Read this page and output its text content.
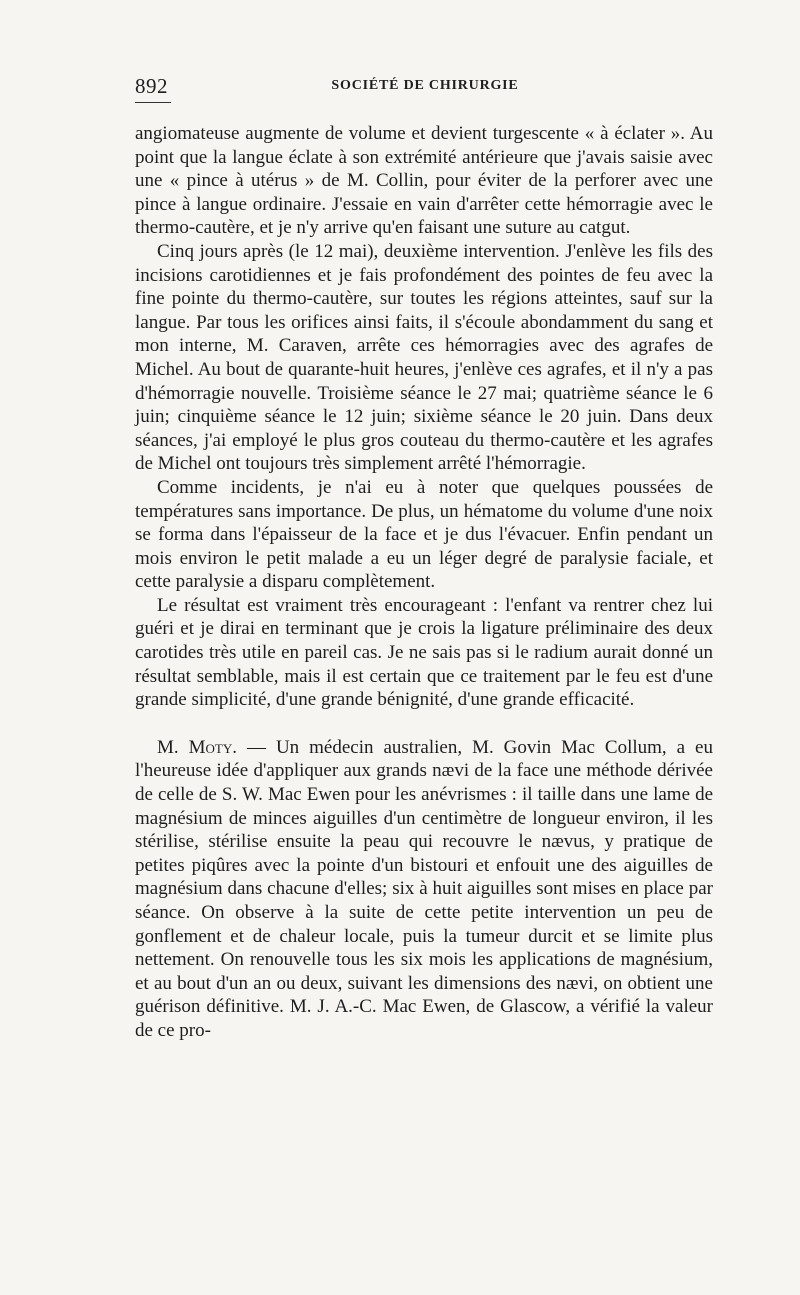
892	SOCIÉTÉ DE CHIRURGIE

angiomateuse augmente de volume et devient turgescente « à éclater ». Au point que la langue éclate à son extrémité antérieure que j'avais saisie avec une « pince à utérus » de M. Collin, pour éviter de la perforer avec une pince à langue ordinaire. J'essaie en vain d'arrêter cette hémorragie avec le thermo-cautère, et je n'y arrive qu'en faisant une suture au catgut.

Cinq jours après (le 12 mai), deuxième intervention. J'enlève les fils des incisions carotidiennes et je fais profondément des pointes de feu avec la fine pointe du thermo-cautère, sur toutes les régions atteintes, sauf sur la langue. Par tous les orifices ainsi faits, il s'écoule abondamment du sang et mon interne, M. Caraven, arrête ces hémorragies avec des agrafes de Michel. Au bout de quarante-huit heures, j'enlève ces agrafes, et il n'y a pas d'hémorragie nouvelle. Troisième séance le 27 mai; quatrième séance le 6 juin; cinquième séance le 12 juin; sixième séance le 20 juin. Dans deux séances, j'ai employé le plus gros couteau du thermo-cautère et les agrafes de Michel ont toujours très simplement arrêté l'hémorragie.

Comme incidents, je n'ai eu à noter que quelques poussées de températures sans importance. De plus, un hématome du volume d'une noix se forma dans l'épaisseur de la face et je dus l'évacuer. Enfin pendant un mois environ le petit malade a eu un léger degré de paralysie faciale, et cette paralysie a disparu complètement.

Le résultat est vraiment très encourageant : l'enfant va rentrer chez lui guéri et je dirai en terminant que je crois la ligature préliminaire des deux carotides très utile en pareil cas. Je ne sais pas si le radium aurait donné un résultat semblable, mais il est certain que ce traitement par le feu est d'une grande simplicité, d'une grande bénignité, d'une grande efficacité.

M. Moty. — Un médecin australien, M. Govin Mac Collum, a eu l'heureuse idée d'appliquer aux grands nævi de la face une méthode dérivée de celle de S. W. Mac Ewen pour les anévrismes : il taille dans une lame de magnésium de minces aiguilles d'un centimètre de longueur environ, il les stérilise, stérilise ensuite la peau qui recouvre le nævus, y pratique de petites piqûres avec la pointe d'un bistouri et enfouit une des aiguilles de magnésium dans chacune d'elles; six à huit aiguilles sont mises en place par séance. On observe à la suite de cette petite intervention un peu de gonflement et de chaleur locale, puis la tumeur durcit et se limite plus nettement. On renouvelle tous les six mois les applications de magnésium, et au bout d'un an ou deux, suivant les dimensions des nævi, on obtient une guérison définitive. M. J. A.-C. Mac Ewen, de Glascow, a vérifié la valeur de ce pro-
